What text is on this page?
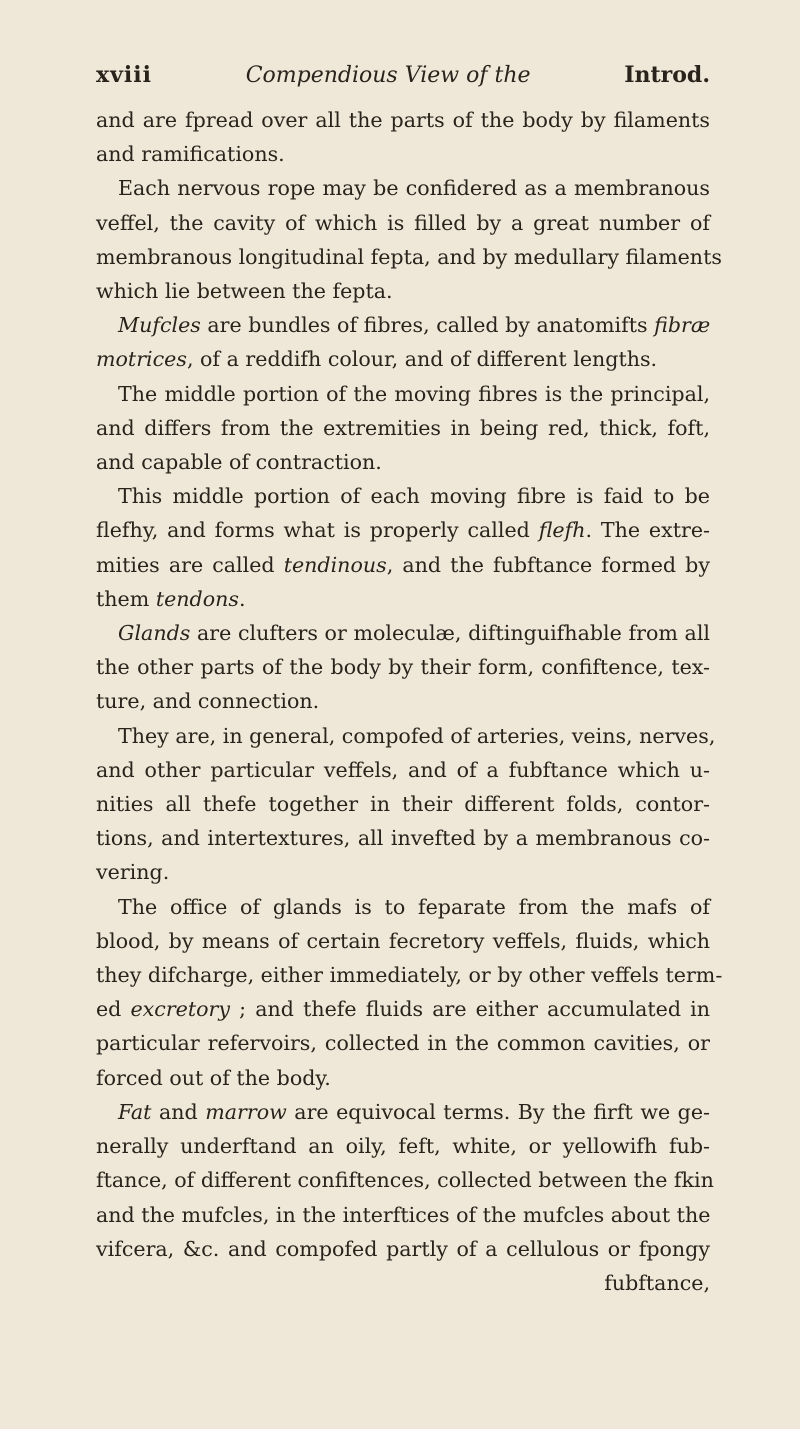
xviii	Compendious View of the	Introd.
and are fpread over all the parts of the body by filaments
and ramifications.
Each nervous rope may be confidered as a membranous
veffel, the cavity of which is filled by a great number of
membranous longitudinal fepta, and by medullary filaments
which lie between the fepta.
Mufcles are bundles of fibres, called by anatomifts fibræ
motrices, of a reddifh colour, and of different lengths.
The middle portion of the moving fibres is the principal,
and differs from the extremities in being red, thick, foft,
and capable of contraction.
This middle portion of each moving fibre is faid to be
flefhy, and forms what is properly called flefh. The extre-
mities are called tendinous, and the fubftance formed by
them tendons.
Glands are clufters or moleculæ, diftinguifhable from all
the other parts of the body by their form, confiftence, tex-
ture, and connection.
They are, in general, compofed of arteries, veins, nerves,
and other particular veffels, and of a fubftance which u-
nities all thefe together in their different folds, contor-
tions, and intertextures, all invefted by a membranous co-
vering.
The office of glands is to feparate from the mafs of
blood, by means of certain fecretory veffels, fluids, which
they difcharge, either immediately, or by other veffels term-
ed excretory ; and thefe fluids are either accumulated in
particular refervoirs, collected in the common cavities, or
forced out of the body.
Fat and marrow are equivocal terms. By the firft we ge-
nerally underftand an oily, feft, white, or yellowifh fub-
ftance, of different confiftences, collected between the fkin
and the mufcles, in the interftices of the mufcles about the
vifcera, &c. and compofed partly of a cellulous or fpongy
fubftance,
